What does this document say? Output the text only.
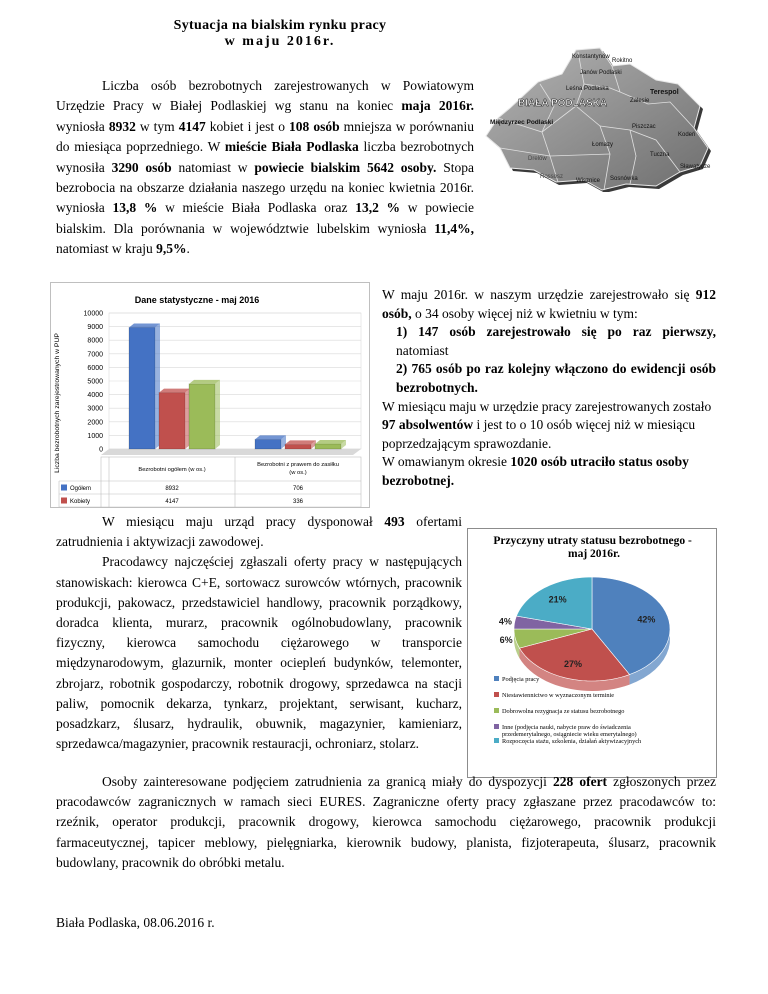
Sytuacja na bialskim rynku pracy
w maju 2016r.
Liczba osób bezrobotnych zarejestrowanych w Powiatowym Urzędzie Pracy w Białej Podlaskiej wg stanu na koniec maja 2016r. wyniosła 8932 w tym 4147 kobiet i jest o 108 osób mniejsza w porównaniu do miesiąca poprzedniego. W mieście Biała Podlaska liczba bezrobotnych wynosiła 3290 osób natomiast w powiecie bialskim 5642 osoby. Stopa bezrobocia na obszarze działania naszego urzędu na koniec kwietnia 2016r. wyniosła 13,8 % w mieście Biała Podlaska oraz 13,2 % w powiecie bialskim. Dla porównania w województwie lubelskim wyniosła 11,4%, natomiast w kraju 9,5%.
Konstantynów
Rokitno
Janów Podlaski
Leśna Podlaska	Terespol
BIAŁA PODLASKA	Zalesie
Międzyrzec Podlaski
Piszczac
Kodeń
Łomazy
Tuczna
Sławatycze
Wisznice Sosnówka
Drelów
Rossosz
Dane statystyczne - maj 2016
Liczba bezrobotnych zarejestrowanych w PUP	0
1000
2000
3000
4000
5000
6000
7000
8000
9000
10000
Bezrobotni ogółem (w os.)
Bezrobotni z prawem do zasiłku
(w os.)
Ogółem	8932	706
Kobiety	4147	336
W maju 2016r. w naszym urzędzie zarejestrowało się 912 osób, o 34 osoby więcej niż w kwietniu w tym:
1) 147 osób zarejestrowało się po raz pierwszy, natomiast
2) 765 osób po raz kolejny włączono do ewidencji osób bezrobotnych.
W miesiącu maju w urzędzie pracy zarejestrowanych zostało 97 absolwentów i jest to o 10 osób więcej niż w miesiącu poprzedzającym sprawozdanie.
W omawianym okresie 1020 osób utraciło status osoby bezrobotnej.
W miesiącu maju urząd pracy dysponował 493 ofertami zatrudnienia i aktywizacji zawodowej.
Pracodawcy najczęściej zgłaszali oferty pracy w następujących stanowiskach: kierowca C+E, sortowacz surowców wtórnych, pracownik produkcji, pakowacz, przedstawiciel handlowy, pracownik porządkowy, doradca klienta, murarz, pracownik ogólnobudowlany, pracownik fizyczny, kierowca samochodu ciężarowego w transporcie międzynarodowym, glazurnik, monter ociepleń budynków, telemonter, zbrojarz, robotnik gospodarczy, robotnik drogowy, sprzedawca na stacji paliw, pomocnik dekarza, tynkarz, projektant, serwisant, kucharz, posadzkarz, ślusarz, hydraulik, obuwnik, magazynier, kamieniarz, sprzedawca/magazynier, pracownik restauracji, ochroniarz, stolarz.
Przyczyny utraty statusu bezrobotnego - maj 2016r.
42%
27%
6%
4%
21%
Podjęcia pracy
Niestawiennictwo w wyznaczonym terminie
Dobrowolna rezygnacja ze statusu bezrobotnego
Inne (podjęcia nauki, nabycie praw do świadczenia
przedemerytalnego, osiągniecie wieku emerytalnego)
Rozpoczęcia stażu, szkolenia, działań aktywizacyjnych
Osoby zainteresowane podjęciem zatrudnienia za granicą miały do dyspozycji 228 ofert zgłoszonych przez pracodawców zagranicznych w ramach sieci EURES. Zagraniczne oferty pracy zgłaszane przez pracodawców to: rzeźnik, operator produkcji, pracownik drogowy, kierowca samochodu ciężarowego, pracownik produkcji farmaceutycznej, tapicer meblowy, pielęgniarka, kierownik budowy, planista, fizjoterapeuta, ślusarz, pracownik budowlany, pracownik do obróbki metalu.
Biała Podlaska, 08.06.2016 r.
